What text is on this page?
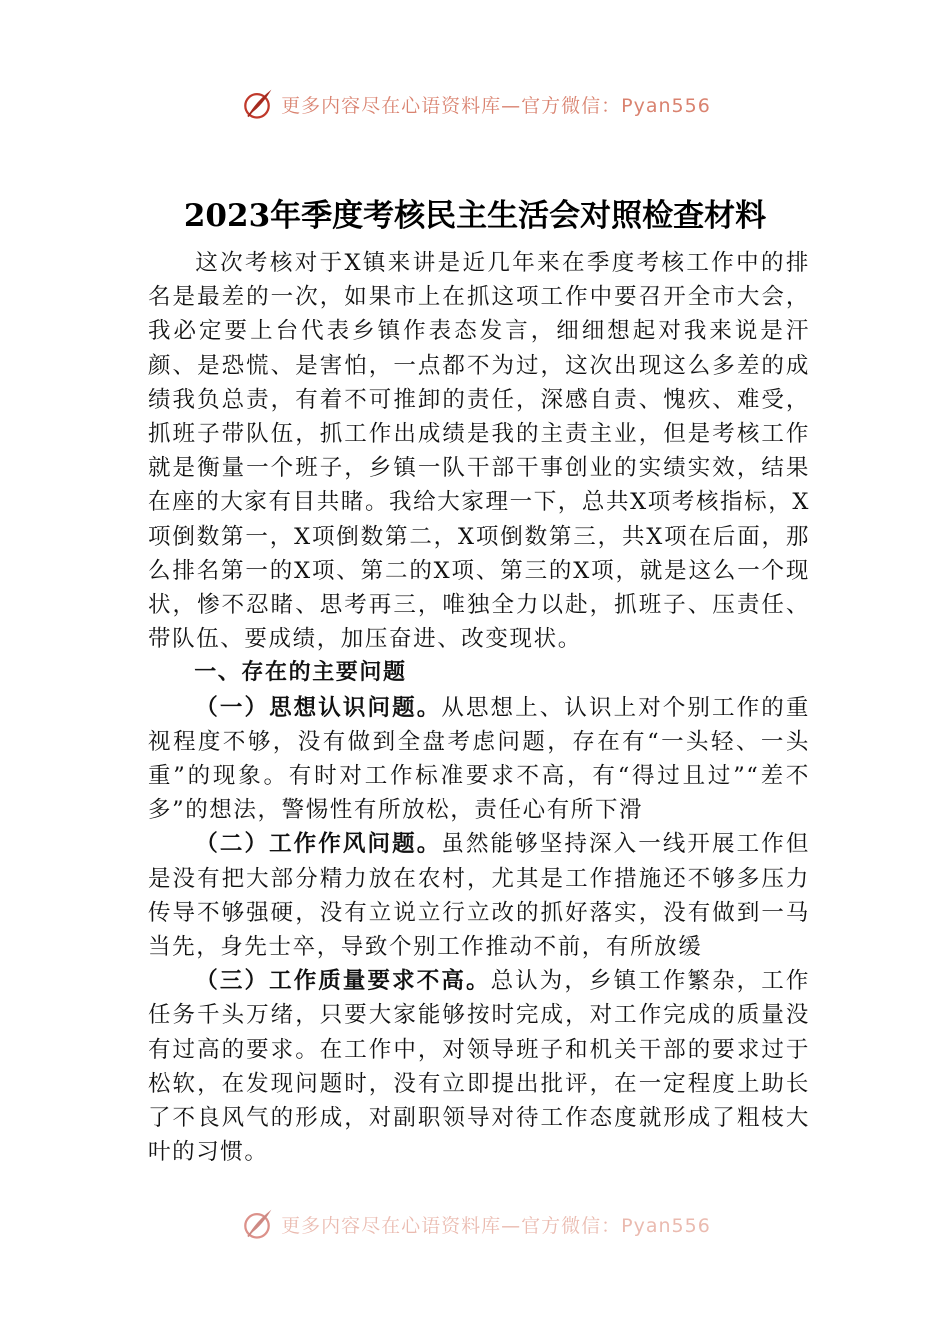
更多内容尽在心语资料库—官方微信：Pyan556
2023年季度考核民主生活会对照检查材料

这次考核对于X镇来讲是近几年来在季度考核工作中的排名是最差的一次，如果市上在抓这项工作中要召开全市大会，我必定要上台代表乡镇作表态发言，细细想起对我来说是汗颜、是恐慌、是害怕，一点都不为过，这次出现这么多差的成绩我负总责，有着不可推卸的责任，深感自责、愧疚、难受，抓班子带队伍，抓工作出成绩是我的主责主业，但是考核工作就是衡量一个班子，乡镇一队干部干事创业的实绩实效，结果在座的大家有目共睹。我给大家理一下，总共X项考核指标，X项倒数第一，X项倒数第二，X项倒数第三，共X项在后面，那么排名第一的X项、第二的X项、第三的X项，就是这么一个现状，惨不忍睹、思考再三，唯独全力以赴，抓班子、压责任、带队伍、要成绩，加压奋进、改变现状。

一、存在的主要问题

（一）思想认识问题。从思想上、认识上对个别工作的重视程度不够，没有做到全盘考虑问题，存在有“一头轻、一头重”的现象。有时对工作标准要求不高，有“得过且过”“差不多”的想法，警惕性有所放松，责任心有所下滑

（二）工作作风问题。虽然能够坚持深入一线开展工作但是没有把大部分精力放在农村，尤其是工作措施还不够多压力传导不够强硬，没有立说立行立改的抓好落实，没有做到一马当先，身先士卒，导致个别工作推动不前，有所放缓

（三）工作质量要求不高。总认为，乡镇工作繁杂，工作任务千头万绪，只要大家能够按时完成，对工作完成的质量没有过高的要求。在工作中，对领导班子和机关干部的要求过于松软，在发现问题时，没有立即提出批评，在一定程度上助长了不良风气的形成，对副职领导对待工作态度就形成了粗枝大叶的习惯。

更多内容尽在心语资料库—官方微信：Pyan556
